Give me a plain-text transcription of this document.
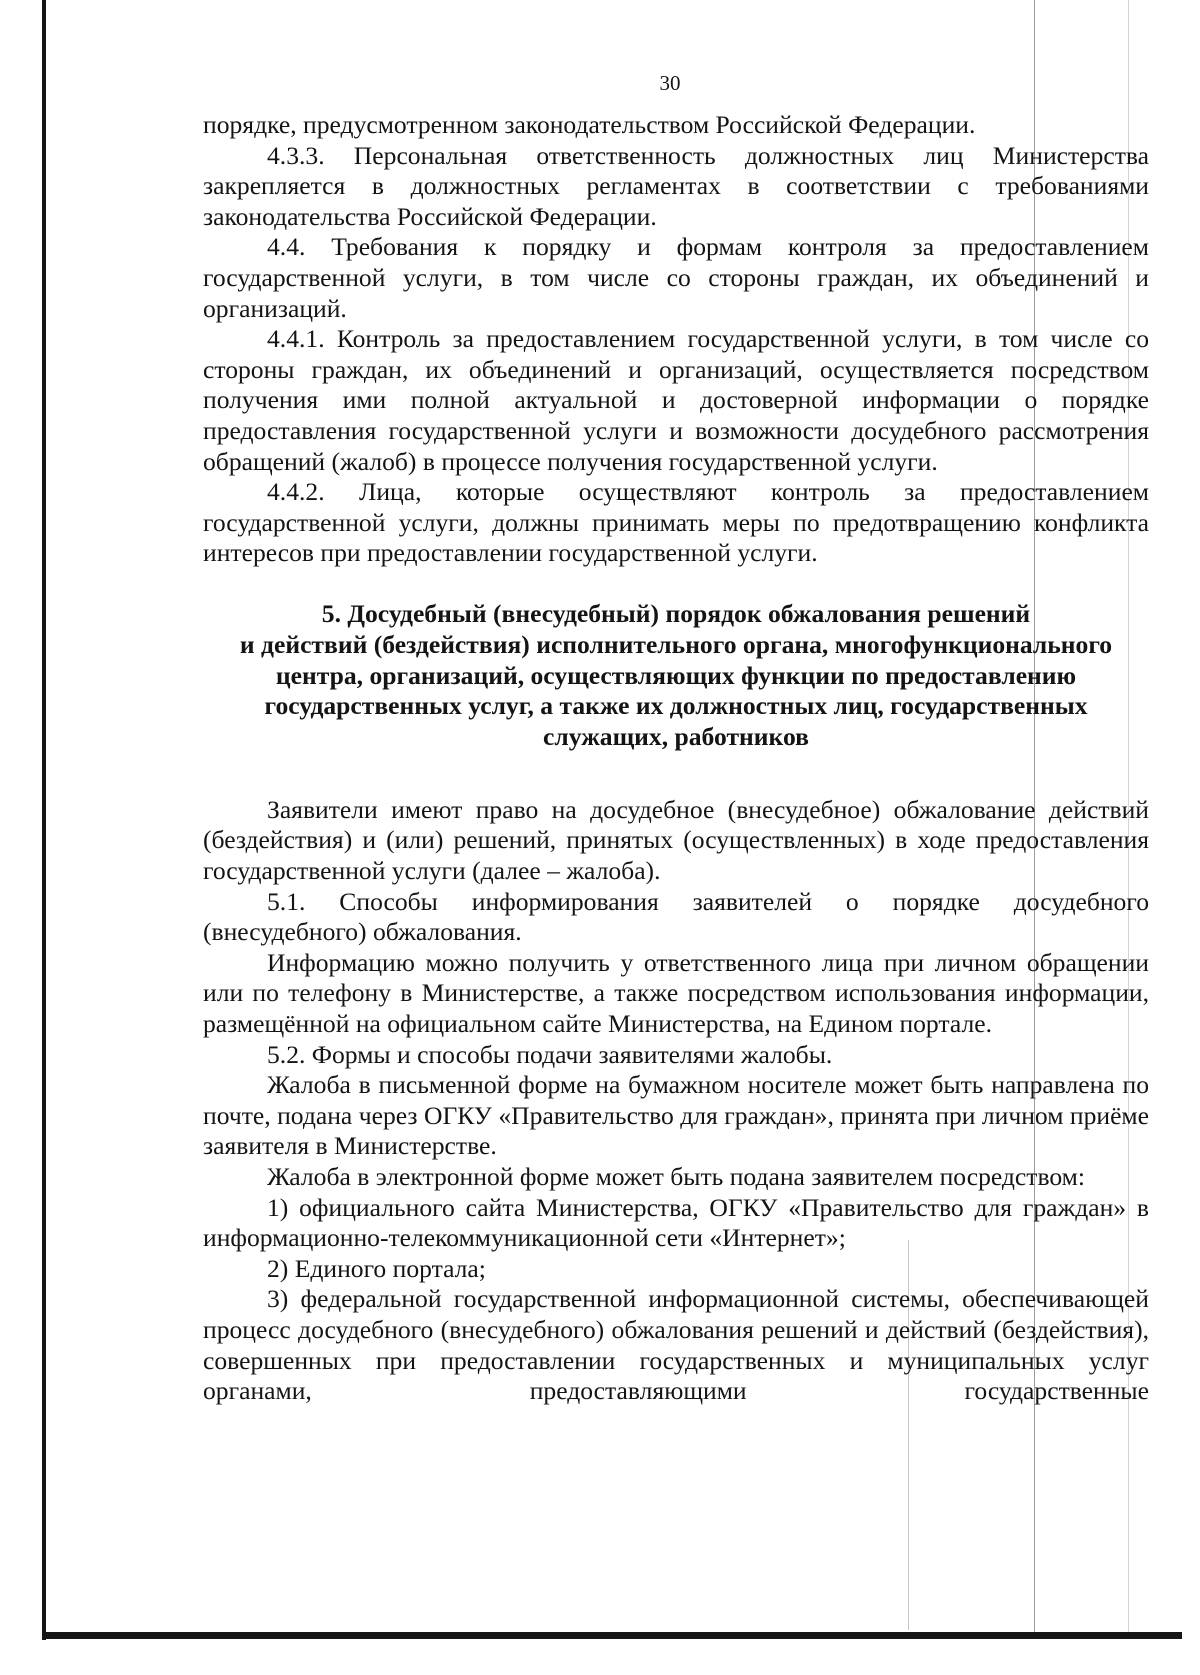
30

порядке, предусмотренном законодательством Российской Федерации.

4.3.3. Персональная ответственность должностных лиц Министерства закрепляется в должностных регламентах в соответствии с требованиями законодательства Российской Федерации.

4.4. Требования к порядку и формам контроля за предоставлением государственной услуги, в том числе со стороны граждан, их объединений и организаций.

4.4.1. Контроль за предоставлением государственной услуги, в том числе со стороны граждан, их объединений и организаций, осуществляется посредством получения ими полной актуальной и достоверной информации о порядке предоставления государственной услуги и возможности досудебного рассмотрения обращений (жалоб) в процессе получения государственной услуги.

4.4.2. Лица, которые осуществляют контроль за предоставлением государственной услуги, должны принимать меры по предотвращению конфликта интересов при предоставлении государственной услуги.

5. Досудебный (внесудебный) порядок обжалования решений
и действий (бездействия) исполнительного органа, многофункционального
центра, организаций, осуществляющих функции по предоставлению
государственных услуг, а также их должностных лиц, государственных
служащих, работников

Заявители имеют право на досудебное (внесудебное) обжалование действий (бездействия) и (или) решений, принятых (осуществленных) в ходе предоставления государственной услуги (далее – жалоба).

5.1. Способы информирования заявителей о порядке досудебного (внесудебного) обжалования.

Информацию можно получить у ответственного лица при личном обращении или по телефону в Министерстве, а также посредством использования информации, размещённой на официальном сайте Министерства, на Едином портале.

5.2. Формы и способы подачи заявителями жалобы.

Жалоба в письменной форме на бумажном носителе может быть направлена по почте, подана через ОГКУ «Правительство для граждан», принята при личном приёме заявителя в Министерстве.

Жалоба в электронной форме может быть подана заявителем посредством:

1) официального сайта Министерства, ОГКУ «Правительство для граждан» в информационно-телекоммуникационной сети «Интернет»;

2) Единого портала;

3) федеральной государственной информационной системы, обеспечивающей процесс досудебного (внесудебного) обжалования решений и действий (бездействия), совершенных при предоставлении государственных и муниципальных услуг органами, предоставляющими государственные
